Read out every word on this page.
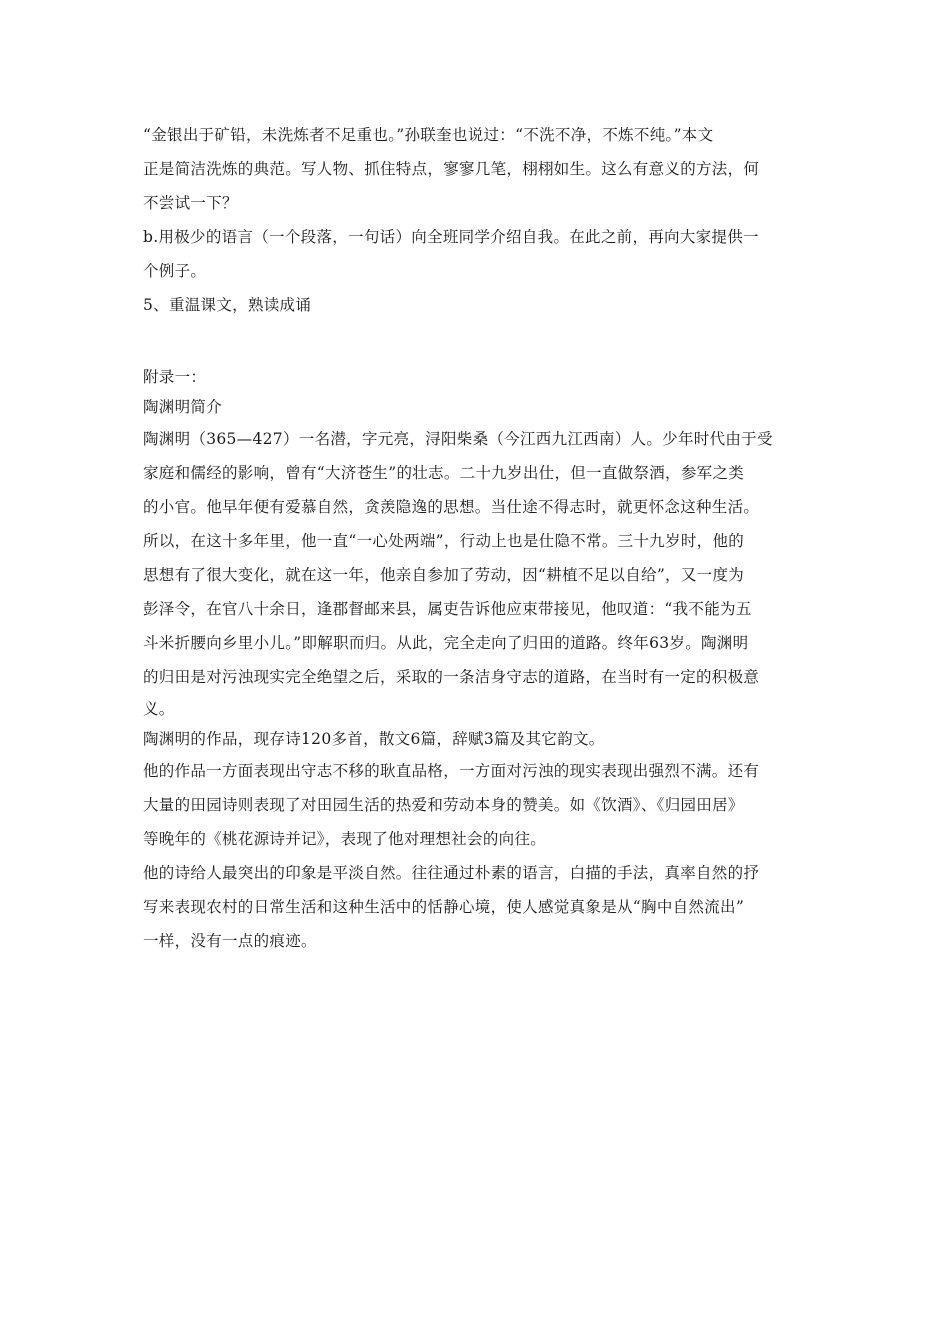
“金银出于矿铅，未洗炼者不足重也。”孙联奎也说过：“不洗不净，不炼不纯。”本文
正是简洁洗炼的典范。写人物、抓住特点，寥寥几笔，栩栩如生。这么有意义的方法，何
不尝试一下？
b.用极少的语言（一个段落，一句话）向全班同学介绍自我。在此之前，再向大家提供一
个例子。
5、重温课文，熟读成诵
附录一：
陶渊明简介
陶渊明（365—427）一名潜，字元亮，浔阳柴桑（今江西九江西南）人。少年时代由于受
家庭和儒经的影响，曾有“大济苍生”的壮志。二十九岁出仕，但一直做祭酒，参军之类
的小官。他早年便有爱慕自然，贪羡隐逸的思想。当仕途不得志时，就更怀念这种生活。
所以，在这十多年里，他一直“一心处两端”，行动上也是仕隐不常。三十九岁时，他的
思想有了很大变化，就在这一年，他亲自参加了劳动，因“耕植不足以自给”，又一度为
彭泽令，在官八十余日，逢郡督邮来县，属吏告诉他应束带接见，他叹道：“我不能为五
斗米折腰向乡里小儿。”即解职而归。从此，完全走向了归田的道路。终年63岁。陶渊明
的归田是对污浊现实完全绝望之后，采取的一条洁身守志的道路，在当时有一定的积极意
义。
陶渊明的作品，现存诗120多首，散文6篇，辞赋3篇及其它韵文。
他的作品一方面表现出守志不移的耿直品格，一方面对污浊的现实表现出强烈不满。还有
大量的田园诗则表现了对田园生活的热爱和劳动本身的赞美。如《饮酒》、《归园田居》
等晚年的《桃花源诗并记》，表现了他对理想社会的向往。
他的诗给人最突出的印象是平淡自然。往往通过朴素的语言，白描的手法，真率自然的抒
写来表现农村的日常生活和这种生活中的恬静心境，使人感觉真象是从“胸中自然流出”
一样，没有一点的痕迹。
